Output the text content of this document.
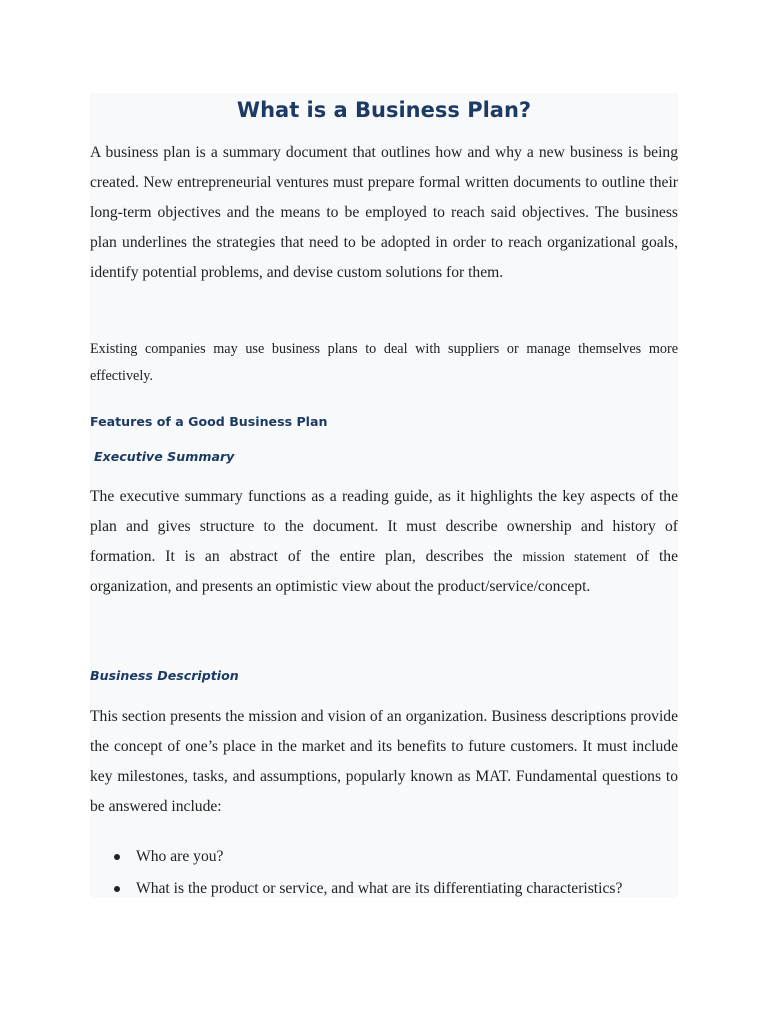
What is a Business Plan?

A business plan is a summary document that outlines how and why a new business is being created. New entrepreneurial ventures must prepare formal written documents to outline their long-term objectives and the means to be employed to reach said objectives. The business plan underlines the strategies that need to be adopted in order to reach organizational goals, identify potential problems, and devise custom solutions for them.

Existing companies may use business plans to deal with suppliers or manage themselves more effectively.

Features of a Good Business Plan
Executive Summary

The executive summary functions as a reading guide, as it highlights the key aspects of the plan and gives structure to the document. It must describe ownership and history of formation. It is an abstract of the entire plan, describes the mission statement of the organization, and presents an optimistic view about the product/service/concept.

Business Description

This section presents the mission and vision of an organization. Business descriptions provide the concept of one’s place in the market and its benefits to future customers. It must include key milestones, tasks, and assumptions, popularly known as MAT. Fundamental questions to be answered include:

Who are you?
What is the product or service, and what are its differentiating characteristics?
